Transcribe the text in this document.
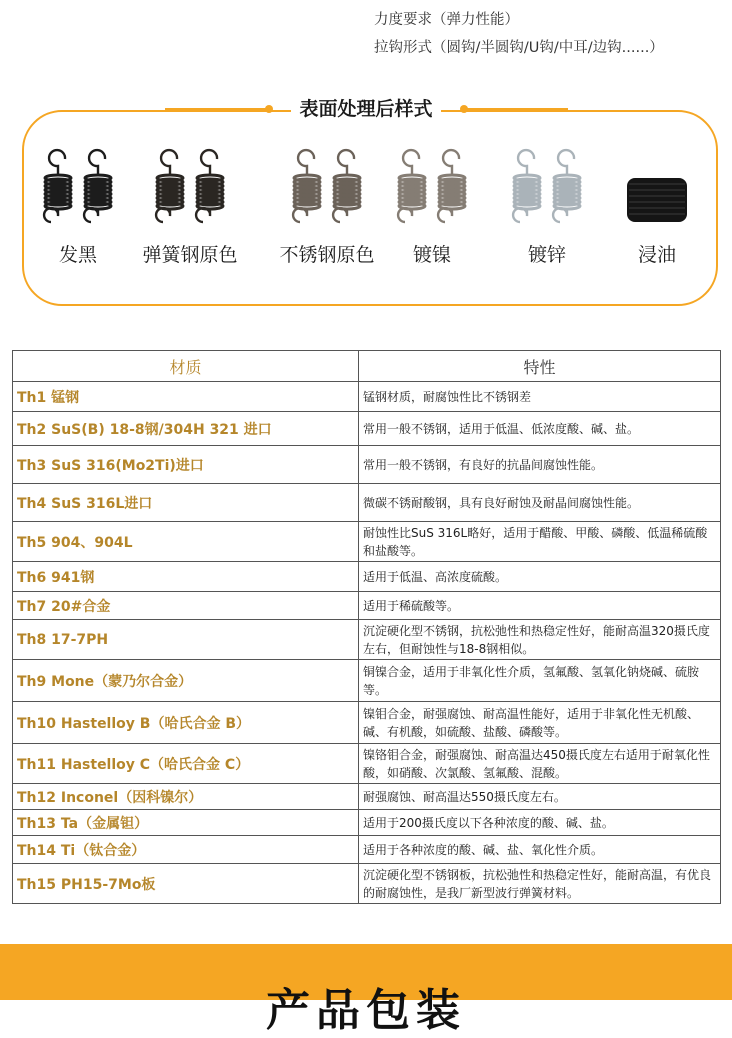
力度要求（弹力性能）
拉钩形式（圆钩/半圆钩/U钩/中耳/边钩......）
表面处理后样式
发黑	弹簧钢原色	不锈钢原色	镀镍	镀锌	浸油
材质	特性
Th1 锰钢	锰钢材质，耐腐蚀性比不锈钢差
Th2 SuS(B) 18-8钢/304H 321 进口	常用一般不锈钢，适用于低温、低浓度酸、碱、盐。
Th3 SuS 316(Mo2Ti)进口	常用一般不锈钢，有良好的抗晶间腐蚀性能。
Th4 SuS 316L进口	微碳不锈耐酸钢，具有良好耐蚀及耐晶间腐蚀性能。
Th5 904、904L	耐蚀性比SuS 316L略好，适用于醋酸、甲酸、磷酸、低温稀硫酸和盐酸等。
Th6 941钢	适用于低温、高浓度硫酸。
Th7 20#合金	适用于稀硫酸等。
Th8 17-7PH	沉淀硬化型不锈钢，抗松弛性和热稳定性好，能耐高温320摄氏度左右，但耐蚀性与18-8钢相似。
Th9 Mone（蒙乃尔合金）	铜镍合金，适用于非氧化性介质，氢氟酸、氢氧化钠烧碱、硫胺等。
Th10 Hastelloy B（哈氏合金 B）	镍钼合金，耐强腐蚀、耐高温性能好，适用于非氧化性无机酸、碱、有机酸，如硫酸、盐酸、磷酸等。
Th11 Hastelloy C（哈氏合金 C）	镍铬钼合金，耐强腐蚀、耐高温达450摄氏度左右适用于耐氧化性酸，如硝酸、次氯酸、氢氟酸、混酸。
Th12 Inconel（因科镍尔）	耐强腐蚀、耐高温达550摄氏度左右。
Th13 Ta（金属钽）	适用于200摄氏度以下各种浓度的酸、碱、盐。
Th14 Ti（钛合金）	适用于各种浓度的酸、碱、盐、氧化性介质。
Th15 PH15-7Mo板	沉淀硬化型不锈钢板，抗松弛性和热稳定性好，能耐高温，有优良的耐腐蚀性，是我厂新型波行弹簧材料。
产品包装
